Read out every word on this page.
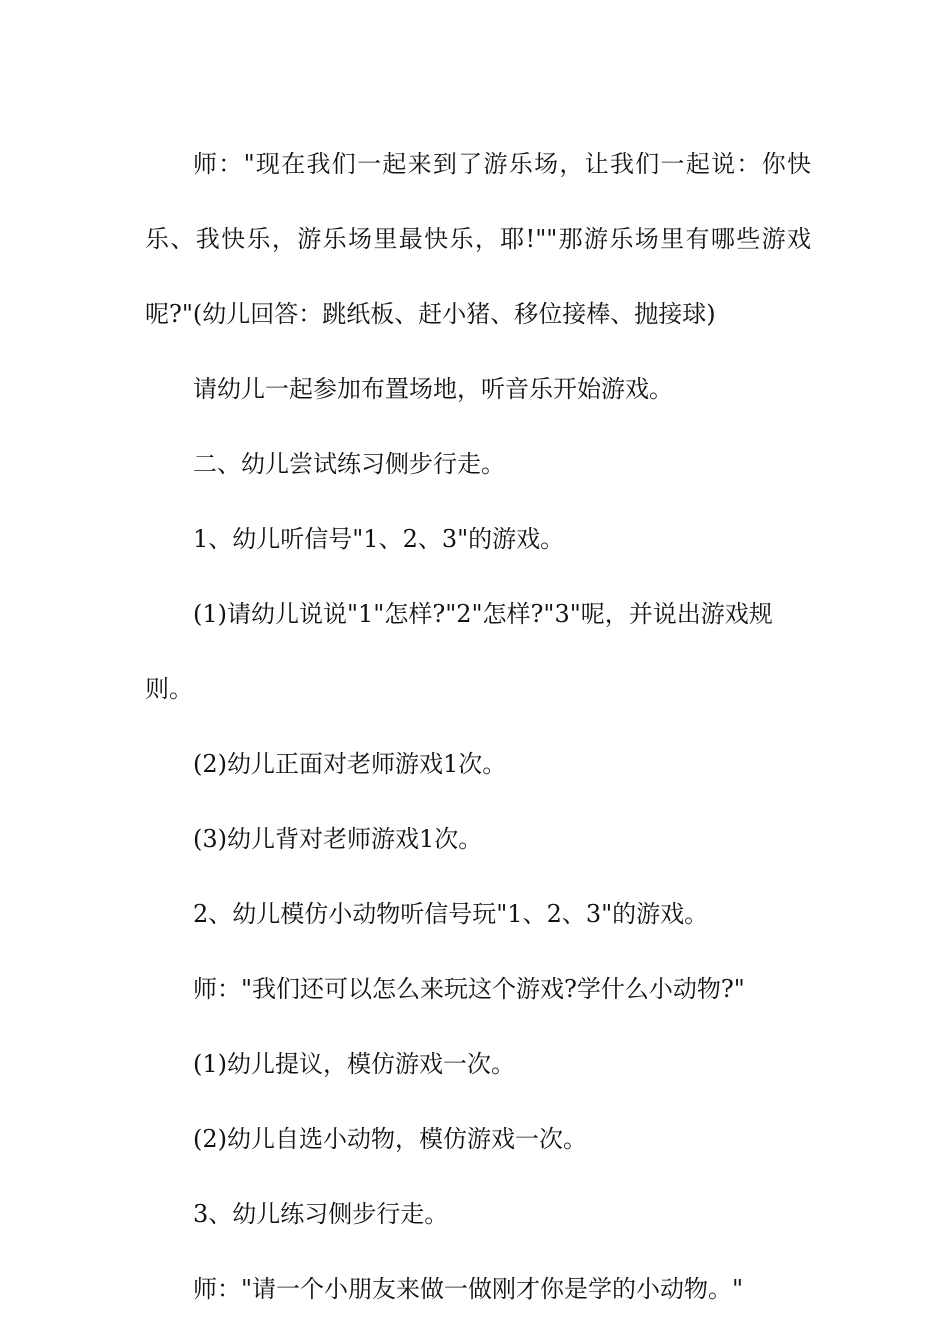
师："现在我们一起来到了游乐场，让我们一起说：你快乐、我快乐，游乐场里最快乐，耶!""那游乐场里有哪些游戏呢?"(幼儿回答：跳纸板、赶小猪、移位接棒、抛接球)

请幼儿一起参加布置场地，听音乐开始游戏。

二、幼儿尝试练习侧步行走。

1、幼儿听信号"1、2、3"的游戏。

(1)请幼儿说说"1"怎样?"2"怎样?"3"呢，并说出游戏规则。

(2)幼儿正面对老师游戏1次。

(3)幼儿背对老师游戏1次。

2、幼儿模仿小动物听信号玩"1、2、3"的游戏。

师："我们还可以怎么来玩这个游戏?学什么小动物?"

(1)幼儿提议，模仿游戏一次。

(2)幼儿自选小动物，模仿游戏一次。

3、幼儿练习侧步行走。

师："请一个小朋友来做一做刚才你是学的小动物。"
